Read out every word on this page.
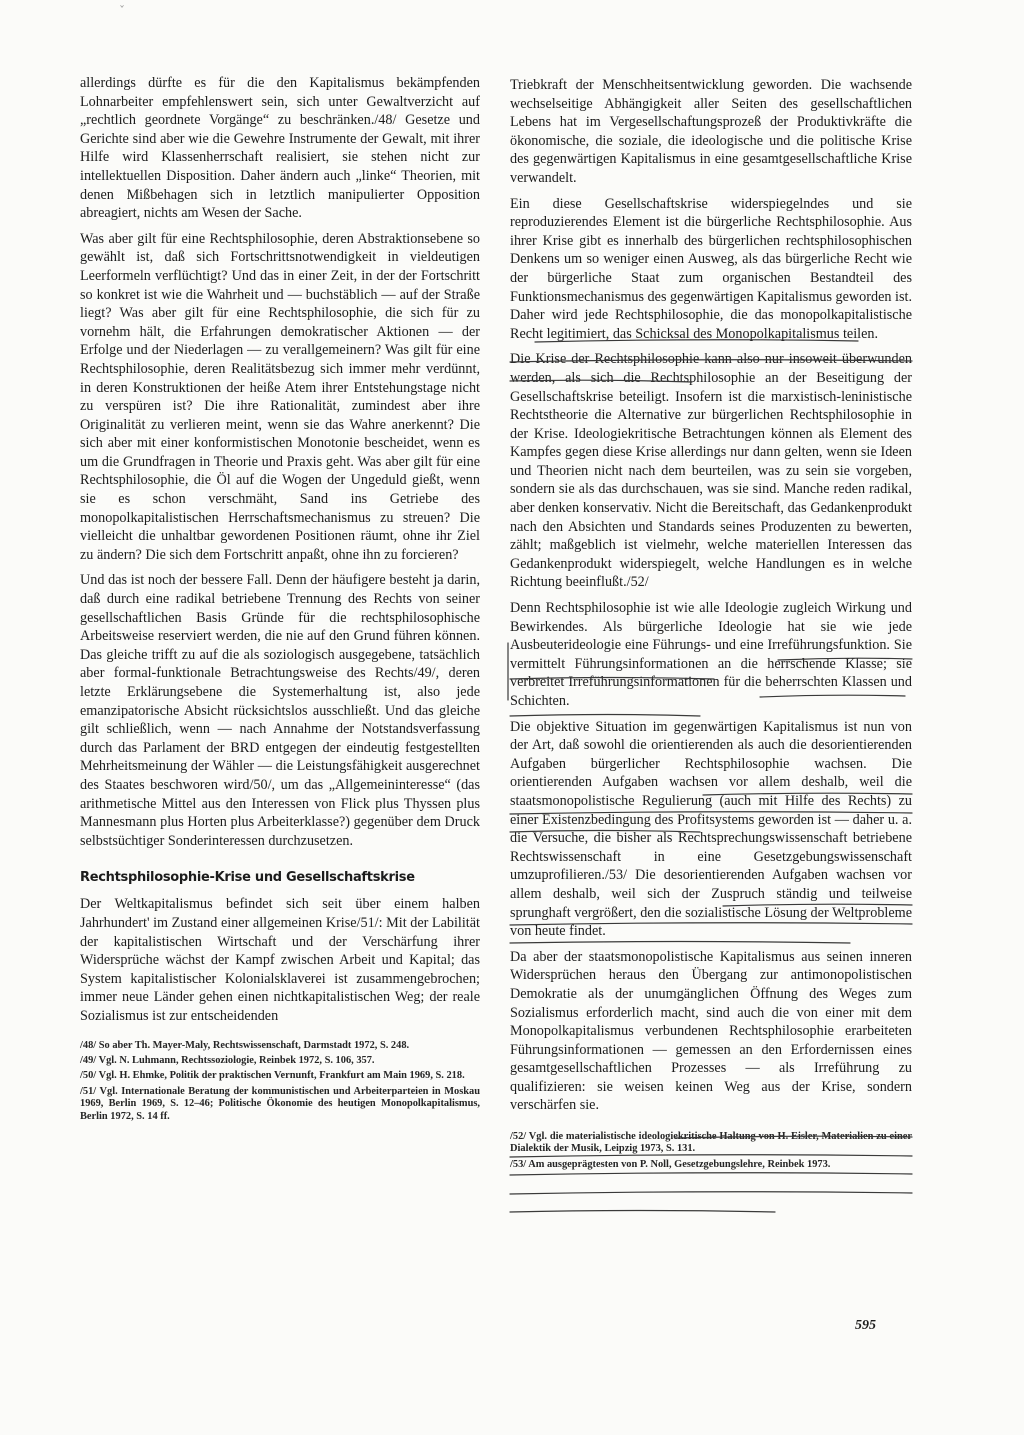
ˇ

allerdings dürfte es für die den Kapitalismus bekämpfenden Lohnarbeiter empfehlenswert sein, sich unter Gewaltverzicht auf „rechtlich geordnete Vorgänge“ zu beschränken./48/ Gesetze und Gerichte sind aber wie die Gewehre Instrumente der Gewalt, mit ihrer Hilfe wird Klassenherrschaft realisiert, sie stehen nicht zur intellektuellen Disposition. Daher ändern auch „linke“ Theorien, mit denen Mißbehagen sich in letztlich manipulierter Opposition abreagiert, nichts am Wesen der Sache.

Was aber gilt für eine Rechtsphilosophie, deren Abstraktionsebene so gewählt ist, daß sich Fortschrittsnotwendigkeit in vieldeutigen Leerformeln verflüchtigt? Und das in einer Zeit, in der der Fortschritt so konkret ist wie die Wahrheit und — buchstäblich — auf der Straße liegt? Was aber gilt für eine Rechtsphilosophie, die sich für zu vornehm hält, die Erfahrungen demokratischer Aktionen — der Erfolge und der Niederlagen — zu verallgemeinern? Was gilt für eine Rechtsphilosophie, deren Realitätsbezug sich immer mehr verdünnt, in deren Konstruktionen der heiße Atem ihrer Entstehungstage nicht zu verspüren ist? Die ihre Rationalität, zumindest aber ihre Originalität zu verlieren meint, wenn sie das Wahre anerkennt? Die sich aber mit einer konformistischen Monotonie bescheidet, wenn es um die Grundfragen in Theorie und Praxis geht. Was aber gilt für eine Rechtsphilosophie, die Öl auf die Wogen der Ungeduld gießt, wenn sie es schon verschmäht, Sand ins Getriebe des monopolkapitalistischen Herrschaftsmechanismus zu streuen? Die vielleicht die unhaltbar gewordenen Positionen räumt, ohne ihr Ziel zu ändern? Die sich dem Fortschritt anpaßt, ohne ihn zu forcieren?

Und das ist noch der bessere Fall. Denn der häufigere besteht ja darin, daß durch eine radikal betriebene Trennung des Rechts von seiner gesellschaftlichen Basis Gründe für die rechtsphilosophische Arbeitsweise reserviert werden, die nie auf den Grund führen können. Das gleiche trifft zu auf die als soziologisch ausgegebene, tatsächlich aber formal-funktionale Betrachtungsweise des Rechts/49/, deren letzte Erklärungsebene die Systemerhaltung ist, also jede emanzipatorische Absicht rücksichtslos ausschließt. Und das gleiche gilt schließlich, wenn — nach Annahme der Notstandsverfassung durch das Parlament der BRD entgegen der eindeutig festgestellten Mehrheitsmeinung der Wähler — die Leistungsfähigkeit ausgerechnet des Staates beschworen wird/50/, um das „Allgemeininteresse“ (das arithmetische Mittel aus den Interessen von Flick plus Thyssen plus Mannesmann plus Horten plus Arbeiterklasse?) gegenüber dem Druck selbstsüchtiger Sonderinteressen durchzusetzen.

Rechtsphilosophie-Krise und Gesellschaftskrise

Der Weltkapitalismus befindet sich seit über einem halben Jahrhundert' im Zustand einer allgemeinen Krise/51/: Mit der Labilität der kapitalistischen Wirtschaft und der Verschärfung ihrer Widersprüche wächst der Kampf zwischen Arbeit und Kapital; das System kapitalistischer Kolonialsklaverei ist zusammengebrochen; immer neue Länder gehen einen nichtkapitalistischen Weg; der reale Sozialismus ist zur entscheidenden

/48/ So aber Th. Mayer-Maly, Rechtswissenschaft, Darmstadt 1972, S. 248.

/49/ Vgl. N. Luhmann, Rechtssoziologie, Reinbek 1972, S. 106, 357.

/50/ Vgl. H. Ehmke, Politik der praktischen Vernunft, Frankfurt am Main 1969, S. 218.

/51/ Vgl. Internationale Beratung der kommunistischen und Arbeiterparteien in Moskau 1969, Berlin 1969, S. 12–46; Politische Ökonomie des heutigen Monopolkapitalismus, Berlin 1972, S. 14 ff.

Triebkraft der Menschheitsentwicklung geworden. Die wachsende wechselseitige Abhängigkeit aller Seiten des gesellschaftlichen Lebens hat im Vergesellschaftungsprozeß der Produktivkräfte die ökonomische, die soziale, die ideologische und die politische Krise des gegenwärtigen Kapitalismus in eine gesamtgesellschaftliche Krise verwandelt.

Ein diese Gesellschaftskrise widerspiegelndes und sie reproduzierendes Element ist die bürgerliche Rechtsphilosophie. Aus ihrer Krise gibt es innerhalb des bürgerlichen rechtsphilosophischen Denkens um so weniger einen Ausweg, als das bürgerliche Recht wie der bürgerliche Staat zum organischen Bestandteil des Funktionsmechanismus des gegenwärtigen Kapitalismus geworden ist. Daher wird jede Rechtsphilosophie, die das monopolkapitalistische Recht legitimiert, das Schicksal des Monopolkapitalismus teilen.

Die Krise der Rechtsphilosophie kann also nur insoweit überwunden werden, als sich die Rechtsphilosophie an der Beseitigung der Gesellschaftskrise beteiligt. Insofern ist die marxistisch-leninistische Rechtstheorie die Alternative zur bürgerlichen Rechtsphilosophie in der Krise. Ideologiekritische Betrachtungen können als Element des Kampfes gegen diese Krise allerdings nur dann gelten, wenn sie Ideen und Theorien nicht nach dem beurteilen, was zu sein sie vorgeben, sondern sie als das durchschauen, was sie sind. Manche reden radikal, aber denken konservativ. Nicht die Bereitschaft, das Gedankenprodukt nach den Absichten und Standards seines Produzenten zu bewerten, zählt; maßgeblich ist vielmehr, welche materiellen Interessen das Gedankenprodukt widerspiegelt, welche Handlungen es in welche Richtung beeinflußt./52/

Denn Rechtsphilosophie ist wie alle Ideologie zugleich Wirkung und Bewirkendes. Als bürgerliche Ideologie hat sie wie jede Ausbeuterideologie eine Führungs- und eine Irreführungsfunktion. Sie vermittelt Führungsinformationen an die herrschende Klasse; sie verbreitet Irreführungsinformationen für die beherrschten Klassen und Schichten.

Die objektive Situation im gegenwärtigen Kapitalismus ist nun von der Art, daß sowohl die orientierenden als auch die desorientierenden Aufgaben bürgerlicher Rechtsphilosophie wachsen. Die orientierenden Aufgaben wachsen vor allem deshalb, weil die staatsmonopolistische Regulierung (auch mit Hilfe des Rechts) zu einer Existenzbedingung des Profitsystems geworden ist — daher u. a. die Versuche, die bisher als Rechtsprechungswissenschaft betriebene Rechtswissenschaft in eine Gesetzgebungswissenschaft umzuprofilieren./53/ Die desorientierenden Aufgaben wachsen vor allem deshalb, weil sich der Zuspruch ständig und teilweise sprunghaft vergrößert, den die sozialistische Lösung der Weltprobleme von heute findet.

Da aber der staatsmonopolistische Kapitalismus aus seinen inneren Widersprüchen heraus den Übergang zur antimonopolistischen Demokratie als der unumgänglichen Öffnung des Weges zum Sozialismus erforderlich macht, sind auch die von einer mit dem Monopolkapitalismus verbundenen Rechtsphilosophie erarbeiteten Führungsinformationen — gemessen an den Erfordernissen eines gesamtgesellschaftlichen Prozesses — als Irreführung zu qualifizieren: sie weisen keinen Weg aus der Krise, sondern verschärfen sie.

/52/ Vgl. die materialistische ideologiekritische Haltung von H. Eisler, Materialien zu einer Dialektik der Musik, Leipzig 1973, S. 131.

/53/ Am ausgeprägtesten von P. Noll, Gesetzgebungslehre, Reinbek 1973.

595
